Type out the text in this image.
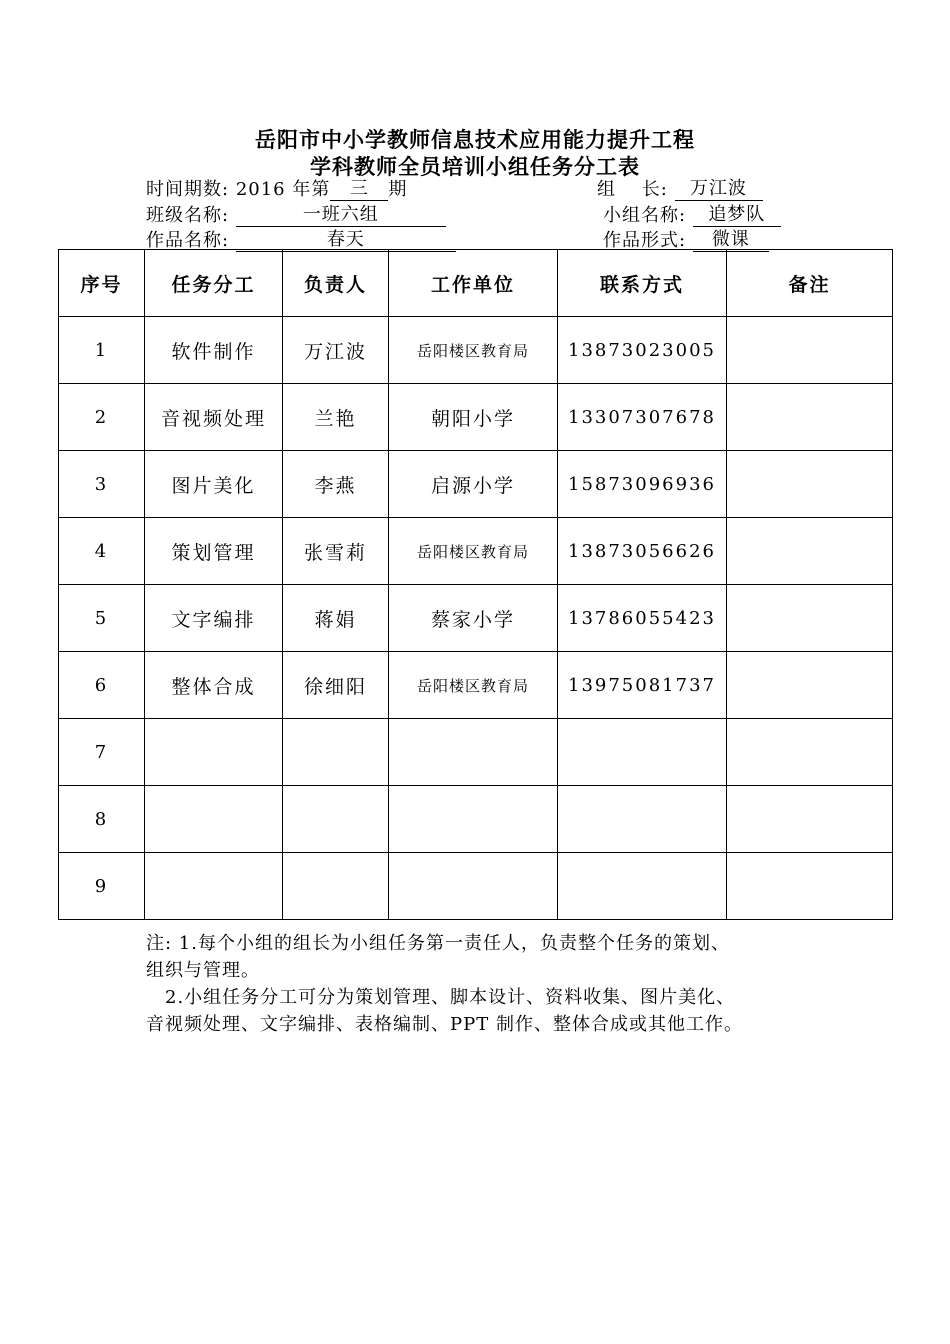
岳阳市中小学教师信息技术应用能力提升工程
学科教师全员培训小组任务分工表
时间期数: 2016 年第 三 期	组　 长: 万江波
班级名称:	一班六组	小组名称: 追梦队
作品名称:	春天	作品形式: 微课
序号	任务分工	负责人	工作单位	联系方式	备注
1	软件制作	万江波	岳阳楼区教育局	13873023005	
2	音视频处理	兰艳	朝阳小学	13307307678	
3	图片美化	李燕	启源小学	15873096936	
4	策划管理	张雪莉	岳阳楼区教育局	13873056626	
5	文字编排	蒋娟	蔡家小学	13786055423	
6	整体合成	徐细阳	岳阳楼区教育局	13975081737	
7					
8					
9					
注: 1.每个小组的组长为小组任务第一责任人，负责整个任务的策划、
组织与管理。
　2.小组任务分工可分为策划管理、脚本设计、资料收集、图片美化、
音视频处理、文字编排、表格编制、PPT 制作、整体合成或其他工作。
